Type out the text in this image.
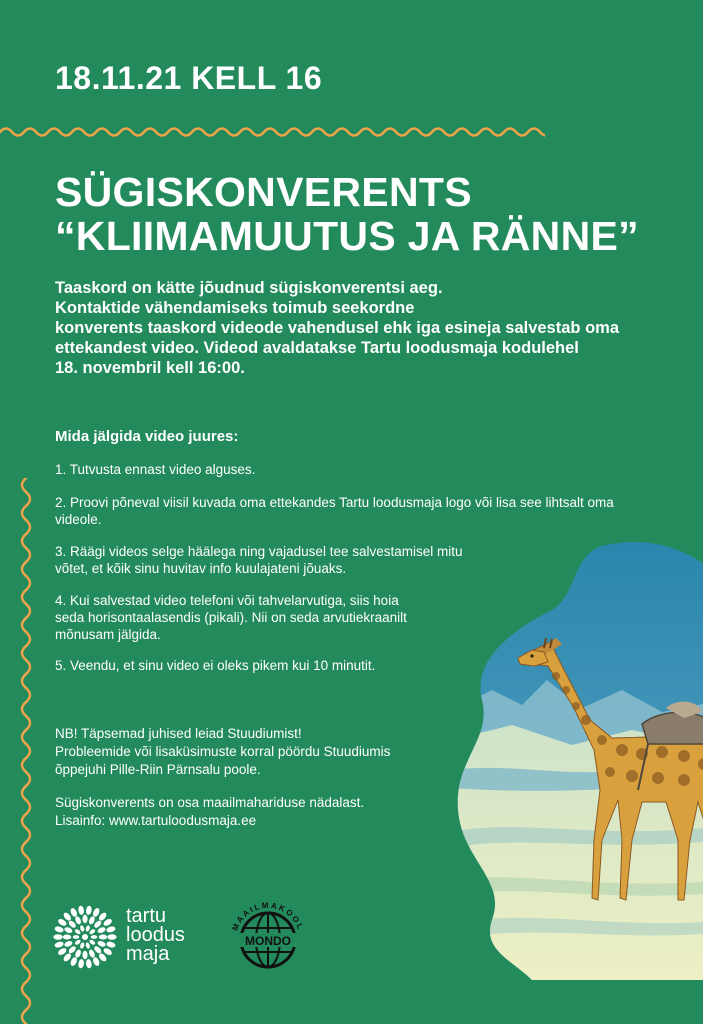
18.11.21 KELL 16
SÜGISKONVERENTS
“KLIIMAMUUTUS JA RÄNNE”

Taaskord on kätte jõudnud sügiskonverentsi aeg.
Kontaktide vähendamiseks toimub seekordne
konverents taaskord videode vahendusel ehk iga esineja salvestab oma
ettekandest video. Videod avaldatakse Tartu loodusmaja kodulehel
18. novembril kell 16:00.

Mida jälgida video juures:

1. Tutvusta ennast video alguses.

2. Proovi põneval viisil kuvada oma ettekandes Tartu loodusmaja logo või lisa see lihtsalt oma
videole.

3. Räägi videos selge häälega ning vajadusel tee salvestamisel mitu
võtet, et kõik sinu huvitav info kuulajateni jõuaks.

4. Kui salvestad video telefoni või tahvelarvutiga, siis hoia
seda horisontaalasendis (pikali). Nii on seda arvutiekraanilt
mõnusam jälgida.

5. Veendu, et sinu video ei oleks pikem kui 10 minutit.

NB! Täpsemad juhised leiad Stuudiumist!
Probleemide või lisaküsimuste korral pöördu Stuudiumis
õppejuhi Pille-Riin Pärnsalu poole.

Sügiskonverents on osa maailmahariduse nädalast.
Lisainfo: www.tartuloodusmaja.ee

tartu
loodus
maja

MONDO
MAAILMAKOOL
